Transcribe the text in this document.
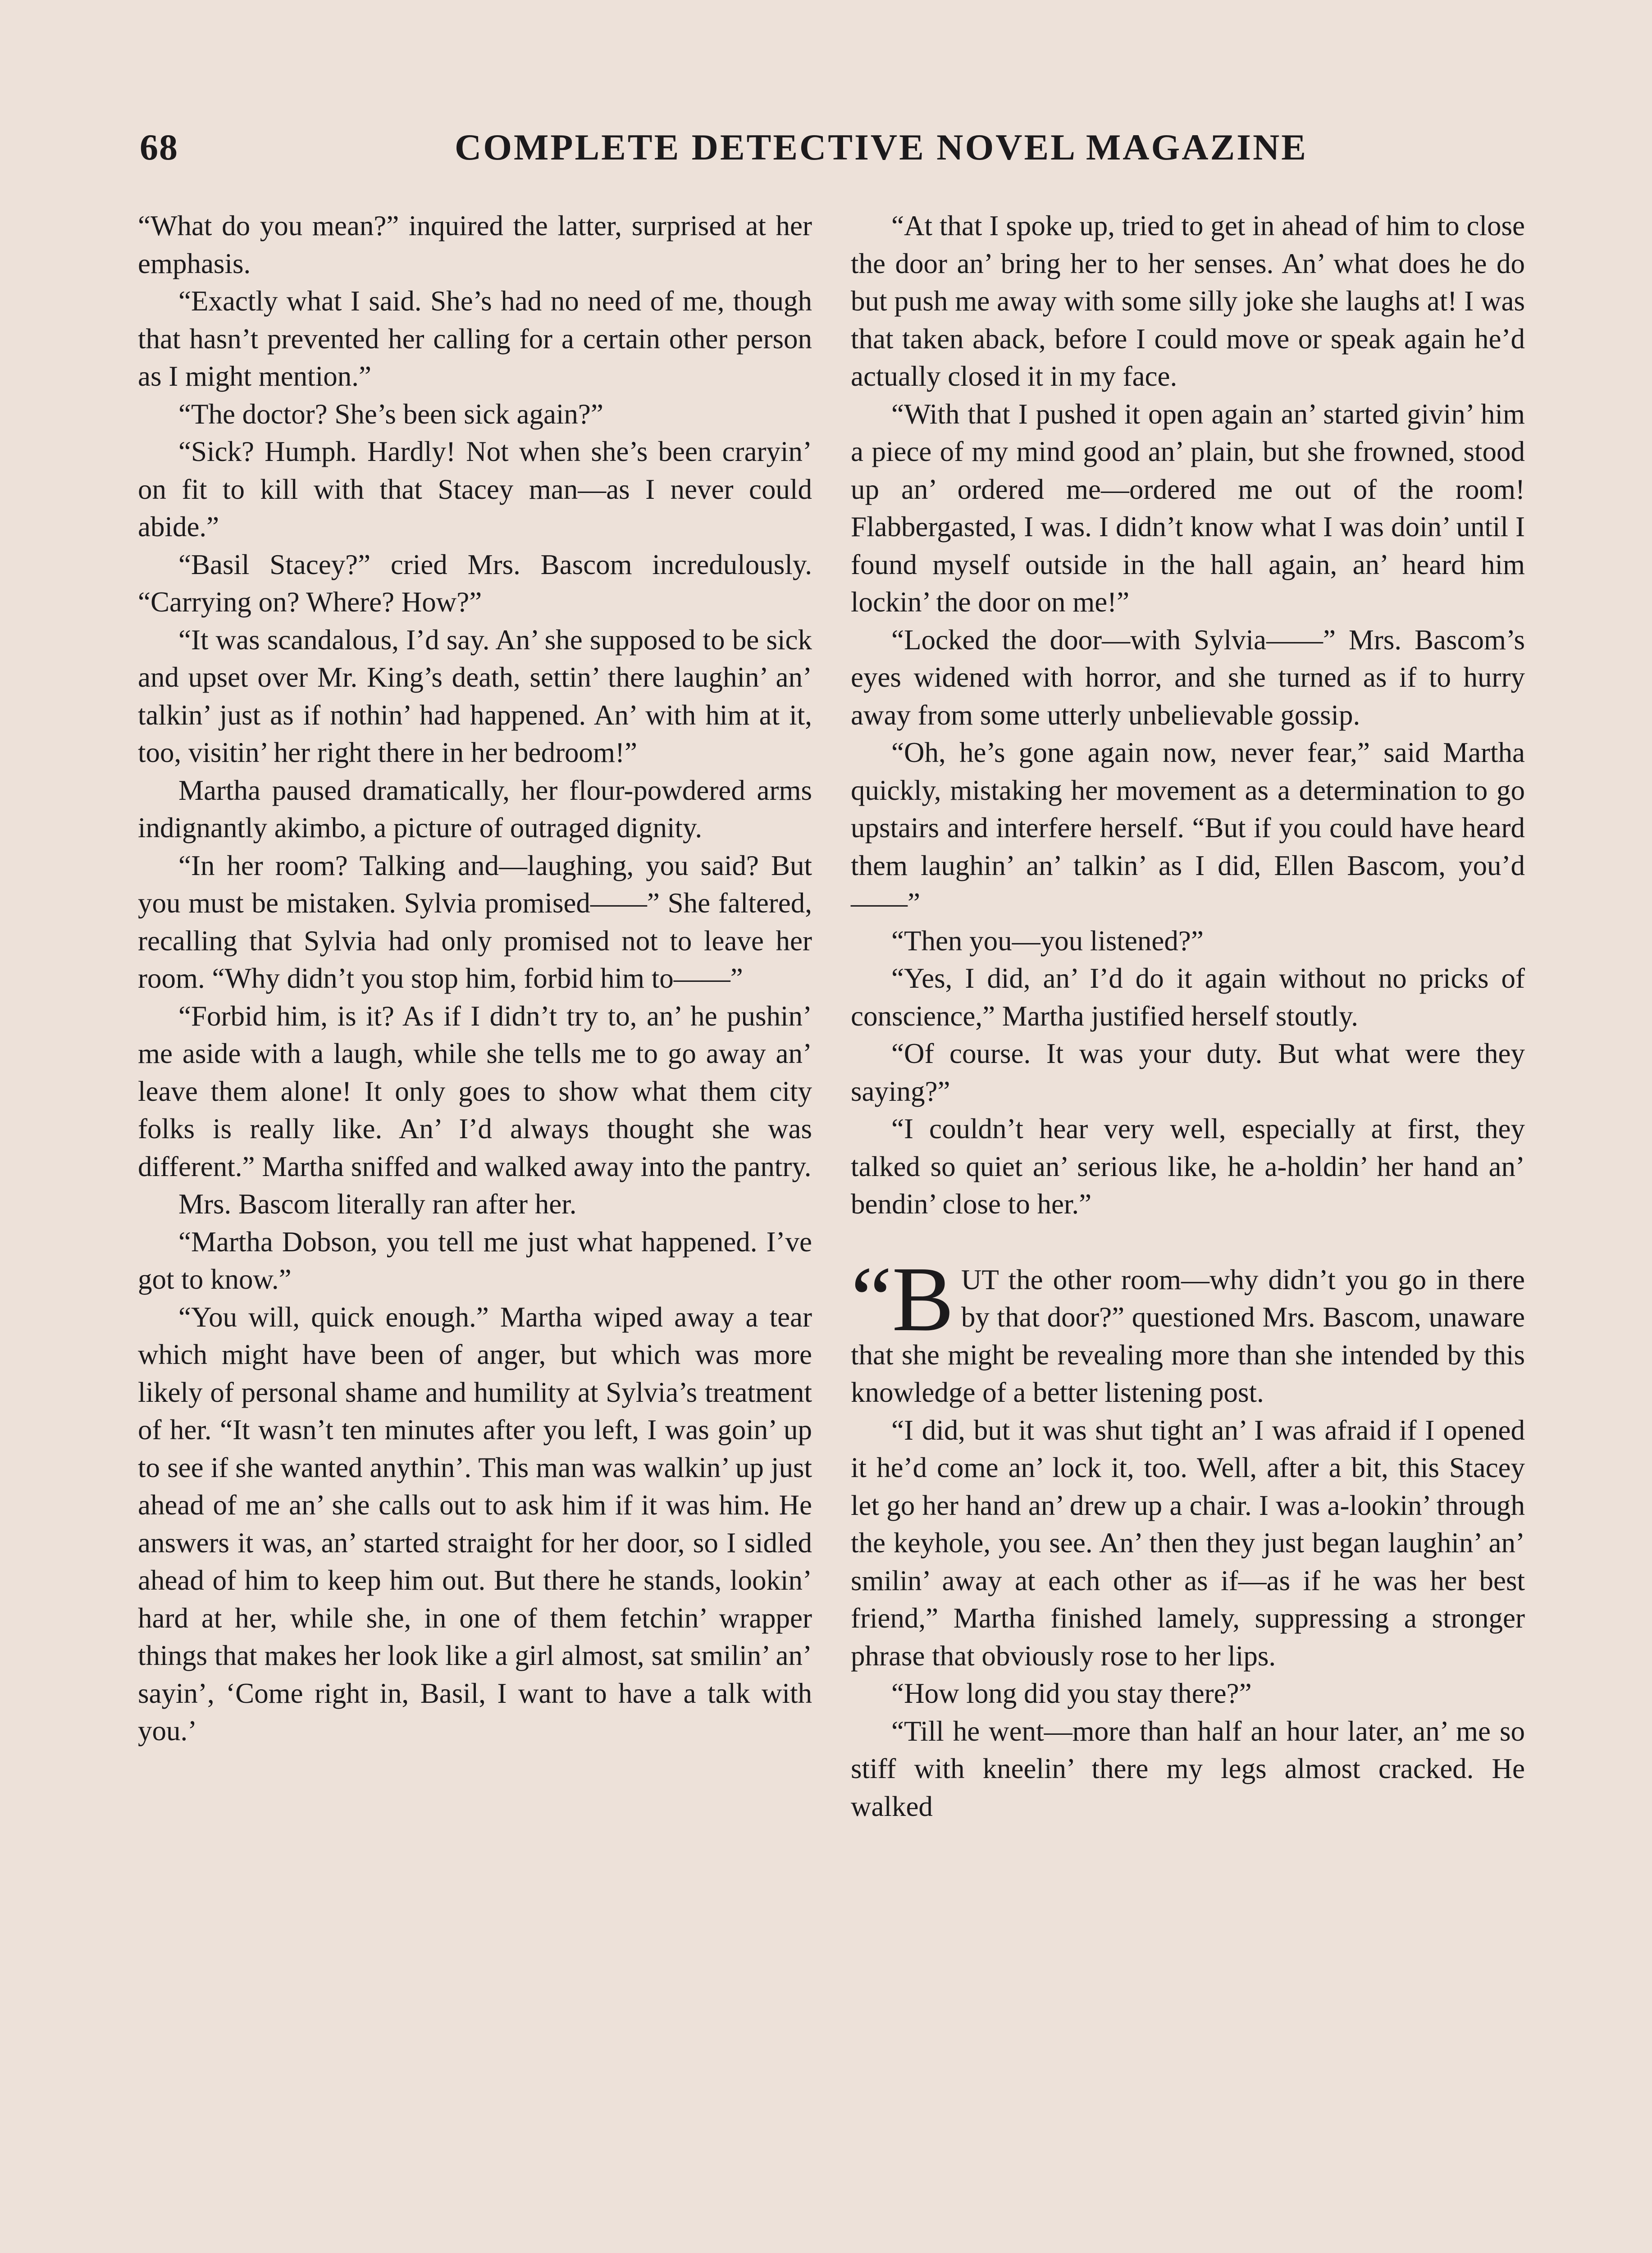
68	COMPLETE DETECTIVE NOVEL MAGAZINE

“What do you mean?” inquired the latter, surprised at her emphasis.

“Exactly what I said. She’s had no need of me, though that hasn’t prevented her calling for a certain other person as I might mention.”

“The doctor? She’s been sick again?”

“Sick? Humph. Hardly! Not when she’s been craryin’ on fit to kill with that Stacey man—as I never could abide.”

“Basil Stacey?” cried Mrs. Bascom incredulously. “Carrying on? Where? How?”

“It was scandalous, I’d say. An’ she supposed to be sick and upset over Mr. King’s death, settin’ there laughin’ an’ talkin’ just as if nothin’ had happened. An’ with him at it, too, visitin’ her right there in her bedroom!”

Martha paused dramatically, her flour-powdered arms indignantly akimbo, a picture of outraged dignity.

“In her room? Talking and—laughing, you said? But you must be mistaken. Sylvia promised——” She faltered, recalling that Sylvia had only promised not to leave her room. “Why didn’t you stop him, forbid him to——”

“Forbid him, is it? As if I didn’t try to, an’ he pushin’ me aside with a laugh, while she tells me to go away an’ leave them alone! It only goes to show what them city folks is really like. An’ I’d always thought she was different.” Martha sniffed and walked away into the pantry.

Mrs. Bascom literally ran after her.

“Martha Dobson, you tell me just what happened. I’ve got to know.”

“You will, quick enough.” Martha wiped away a tear which might have been of anger, but which was more likely of personal shame and humility at Sylvia’s treatment of her. “It wasn’t ten minutes after you left, I was goin’ up to see if she wanted anythin’. This man was walkin’ up just ahead of me an’ she calls out to ask him if it was him. He answers it was, an’ started straight for her door, so I sidled ahead of him to keep him out. But there he stands, lookin’ hard at her, while she, in one of them fetchin’ wrapper things that makes her look like a girl almost, sat smilin’ an’ sayin’, ‘Come right in, Basil, I want to have a talk with you.’

“At that I spoke up, tried to get in ahead of him to close the door an’ bring her to her senses. An’ what does he do but push me away with some silly joke she laughs at! I was that taken aback, before I could move or speak again he’d actually closed it in my face.

“With that I pushed it open again an’ started givin’ him a piece of my mind good an’ plain, but she frowned, stood up an’ ordered me—ordered me out of the room! Flabbergasted, I was. I didn’t know what I was doin’ until I found myself outside in the hall again, an’ heard him lockin’ the door on me!”

“Locked the door—with Sylvia——” Mrs. Bascom’s eyes widened with horror, and she turned as if to hurry away from some utterly unbelievable gossip.

“Oh, he’s gone again now, never fear,” said Martha quickly, mistaking her movement as a determination to go upstairs and interfere herself. “But if you could have heard them laughin’ an’ talkin’ as I did, Ellen Bascom, you’d——”

“Then you—you listened?”

“Yes, I did, an’ I’d do it again without no pricks of conscience,” Martha justified herself stoutly.

“Of course. It was your duty. But what were they saying?”

“I couldn’t hear very well, especially at first, they talked so quiet an’ serious like, he a-holdin’ her hand an’ bendin’ close to her.”

“BUT the other room—why didn’t you go in there by that door?” questioned Mrs. Bascom, unaware that she might be revealing more than she intended by this knowledge of a better listening post.

“I did, but it was shut tight an’ I was afraid if I opened it he’d come an’ lock it, too. Well, after a bit, this Stacey let go her hand an’ drew up a chair. I was a-lookin’ through the keyhole, you see. An’ then they just began laughin’ an’ smilin’ away at each other as if—as if he was her best friend,” Martha finished lamely, suppressing a stronger phrase that obviously rose to her lips.

“How long did you stay there?”

“Till he went—more than half an hour later, an’ me so stiff with kneelin’ there my legs almost cracked. He walked
